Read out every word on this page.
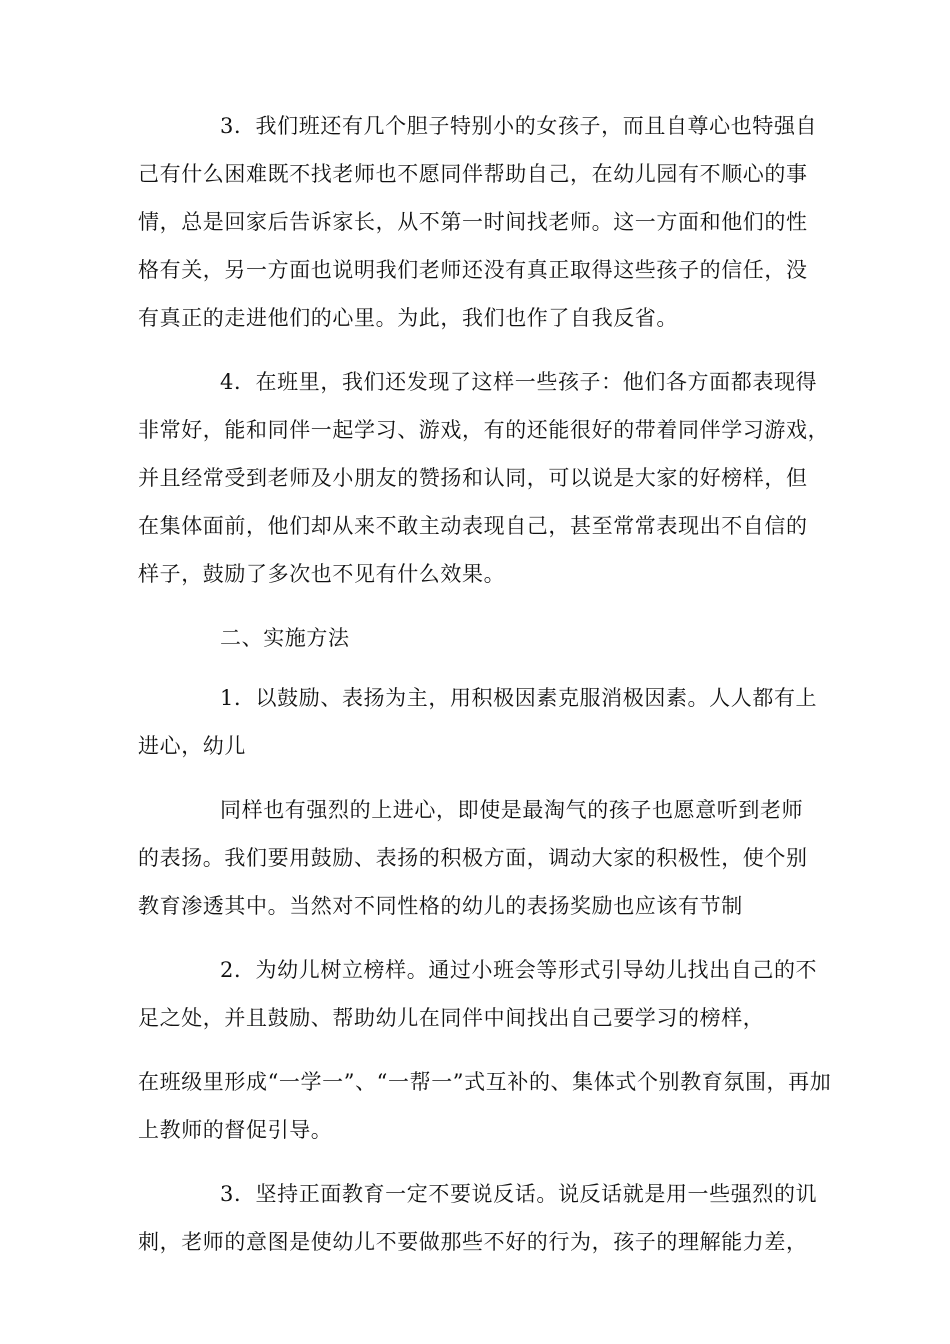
3．我们班还有几个胆子特别小的女孩子，而且自尊心也特强自
己有什么困难既不找老师也不愿同伴帮助自己，在幼儿园有不顺心的事
情，总是回家后告诉家长，从不第一时间找老师。这一方面和他们的性
格有关，另一方面也说明我们老师还没有真正取得这些孩子的信任，没
有真正的走进他们的心里。为此，我们也作了自我反省。
4．在班里，我们还发现了这样一些孩子：他们各方面都表现得
非常好，能和同伴一起学习、游戏，有的还能很好的带着同伴学习游戏，
并且经常受到老师及小朋友的赞扬和认同，可以说是大家的好榜样，但
在集体面前，他们却从来不敢主动表现自己，甚至常常表现出不自信的
样子，鼓励了多次也不见有什么效果。
二、实施方法
1．以鼓励、表扬为主，用积极因素克服消极因素。人人都有上
进心，幼儿
同样也有强烈的上进心，即使是最淘气的孩子也愿意听到老师
的表扬。我们要用鼓励、表扬的积极方面，调动大家的积极性，使个别
教育渗透其中。当然对不同性格的幼儿的表扬奖励也应该有节制
2．为幼儿树立榜样。通过小班会等形式引导幼儿找出自己的不
足之处，并且鼓励、帮助幼儿在同伴中间找出自己要学习的榜样，
在班级里形成“一学一”、“一帮一”式互补的、集体式个别教育氛围，再加
上教师的督促引导。
3．坚持正面教育一定不要说反话。说反话就是用一些强烈的讥
刺，老师的意图是使幼儿不要做那些不好的行为，孩子的理解能力差，
